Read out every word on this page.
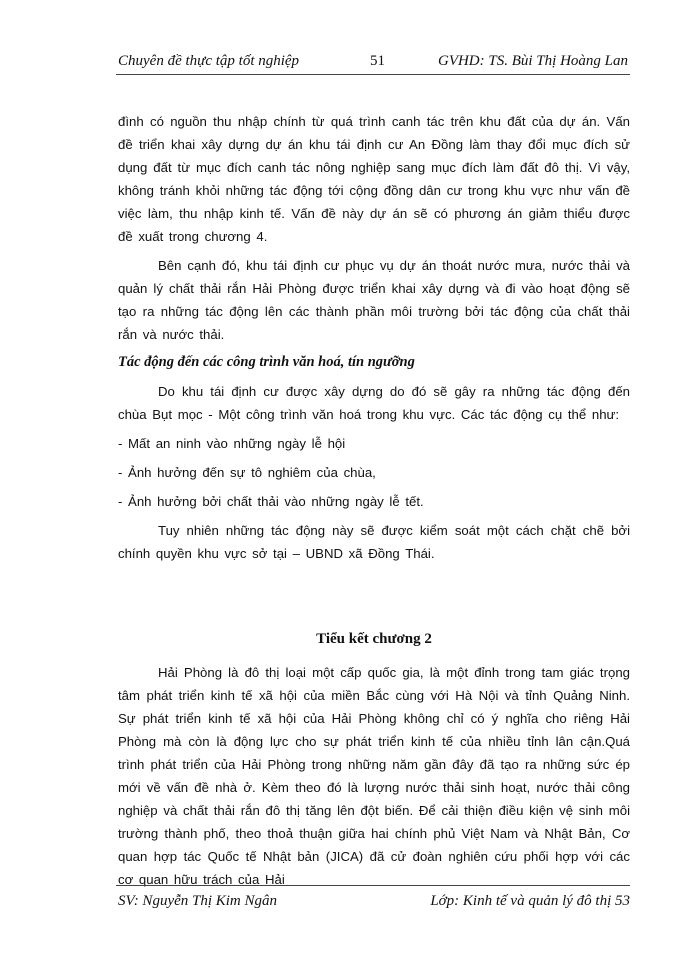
Chuyên đề thực tập tốt nghiệp	51	GVHD: TS. Bùi Thị Hoàng Lan

đình có nguồn thu nhập chính từ quá trình canh tác trên khu đất của dự án. Vấn đề triển khai xây dựng dự án khu tái định cư An Đồng làm thay đổi mục đích sử dụng đất từ mục đích canh tác nông nghiệp sang mục đích làm đất đô thị. Vì vậy, không tránh khỏi những tác động tới cộng đồng dân cư trong khu vực như vấn đề việc làm, thu nhập kinh tế. Vấn đề này dự án sẽ có phương án giảm thiểu được đề xuất trong chương 4.

Bên cạnh đó, khu tái định cư phục vụ dự án thoát nước mưa, nước thải và quản lý chất thải rắn Hải Phòng được triển khai xây dựng và đi vào hoạt động sẽ tạo ra những tác động lên các thành phần môi trường bởi tác động của chất thải rắn và nước thải.

Tác động đến các công trình văn hoá, tín ngưỡng

Do khu tái định cư được xây dựng do đó sẽ gây ra những tác động đến chùa Bụt mọc - Một công trình văn hoá trong khu vực. Các tác động cụ thể như:

- Mất an ninh vào những ngày lễ hội

- Ảnh hưởng đến sự tô nghiêm của chùa,

- Ảnh hưởng bởi chất thải vào những ngày lễ tết.

Tuy nhiên những tác động này sẽ được kiểm soát một cách chặt chẽ bởi chính quyền khu vực sở tại – UBND xã Đồng Thái.

Tiểu kết chương 2

Hải Phòng là đô thị loại một cấp quốc gia, là một đỉnh trong tam giác trọng tâm phát triển kinh tế xã hội của miền Bắc cùng với Hà Nội và tỉnh Quảng Ninh. Sự phát triển kinh tế xã hội của Hải Phòng không chỉ có ý nghĩa cho riêng Hải Phòng mà còn là động lực cho sự phát triển kinh tế của nhiều tỉnh lân cận.Quá trình phát triển của Hải Phòng trong những năm gần đây đã tạo ra những sức ép mới về vấn đề nhà ở. Kèm theo đó là lượng nước thải sinh hoạt, nước thải công nghiệp và chất thải rắn đô thị tăng lên đột biến. Để cải thiện điều kiện vệ sinh môi trường thành phố, theo thoả thuận giữa hai chính phủ Việt Nam và Nhật Bản, Cơ quan hợp tác Quốc tế Nhật bản (JICA) đã cử đoàn nghiên cứu phối hợp với các cơ quan hữu trách của Hải

SV: Nguyễn Thị Kim Ngân	Lớp: Kinh tế và quản lý đô thị 53
